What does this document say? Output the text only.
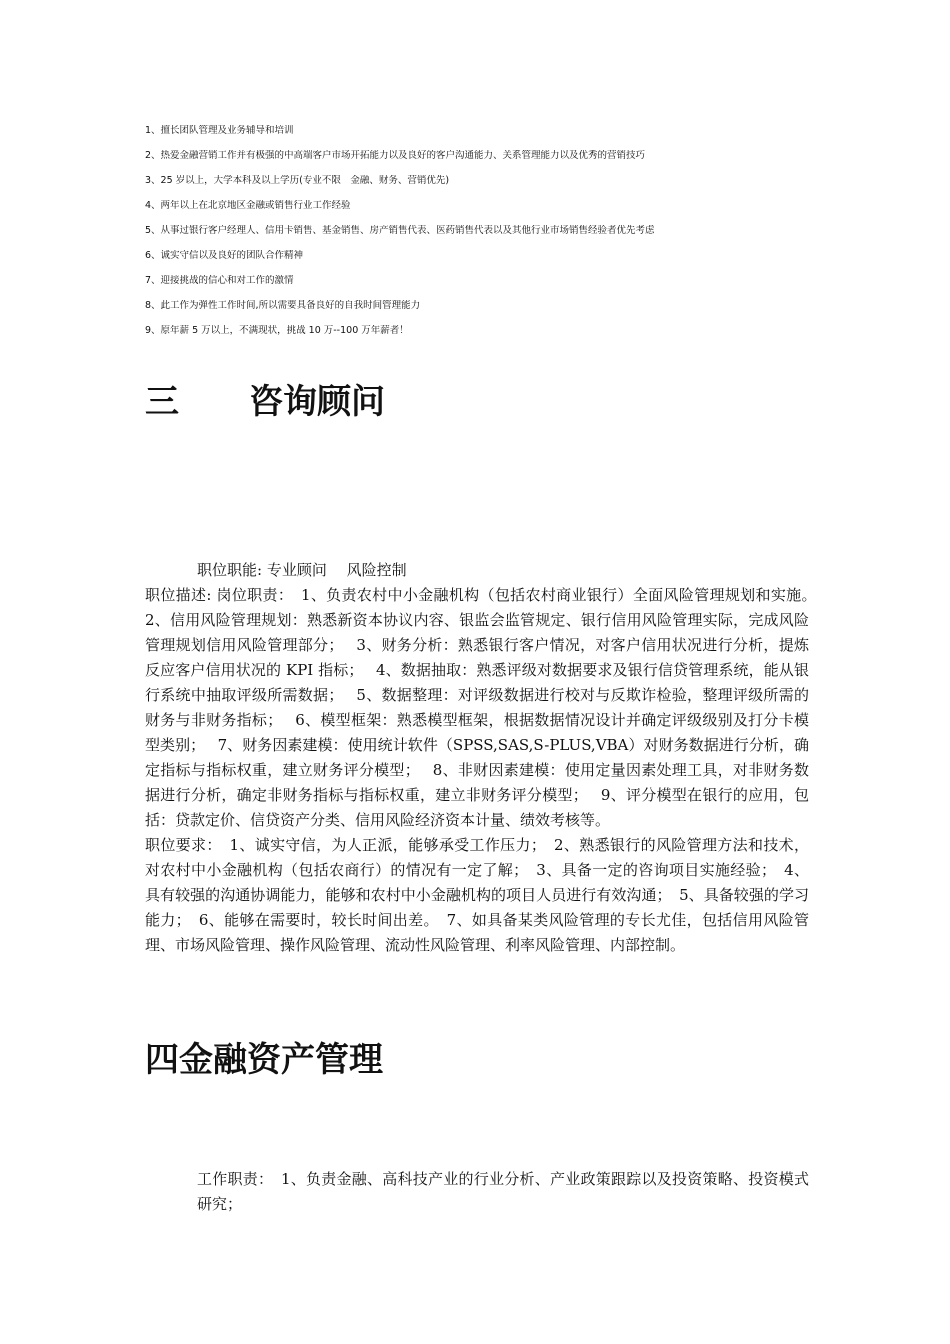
1、擅长团队管理及业务辅导和培训
2、热爱金融营销工作并有极强的中高端客户市场开拓能力以及良好的客户沟通能力、关系管理能力以及优秀的营销技巧
3、25 岁以上，大学本科及以上学历(专业不限　金融、财务、营销优先)
4、两年以上在北京地区金融或销售行业工作经验
5、从事过银行客户经理人、信用卡销售、基金销售、房产销售代表、医药销售代表以及其他行业市场销售经验者优先考虑
6、诚实守信以及良好的团队合作精神
7、迎接挑战的信心和对工作的激情
8、此工作为弹性工作时间,所以需要具备良好的自我时间管理能力
9、原年薪 5 万以上，不满现状，挑战 10 万--100 万年薪者！
三 咨询顾问

职位职能: 专业顾问　 风险控制

职位描述: 岗位职责：　1、负责农村中小金融机构（包括农村商业银行）全面风险管理规划和实施。　2、信用风险管理规划：熟悉新资本协议内容、银监会监管规定、银行信用风险管理实际，完成风险管理规划信用风险管理部分；　 3、财务分析：熟悉银行客户情况，对客户信用状况进行分析，提炼反应客户信用状况的 KPI 指标；　 4、数据抽取：熟悉评级对数据要求及银行信贷管理系统，能从银行系统中抽取评级所需数据；　 5、数据整理：对评级数据进行校对与反欺诈检验，整理评级所需的财务与非财务指标；　 6、模型框架：熟悉模型框架，根据数据情况设计并确定评级级别及打分卡模型类别；　 7、财务因素建模：使用统计软件（SPSS,SAS,S-PLUS,VBA）对财务数据进行分析，确定指标与指标权重，建立财务评分模型；　 8、非财因素建模：使用定量因素处理工具，对非财务数据进行分析，确定非财务指标与指标权重，建立非财务评分模型；　 9、评分模型在银行的应用，包括：贷款定价、信贷资产分类、信用风险经济资本计量、绩效考核等。

职位要求：　1、诚实守信，为人正派，能够承受工作压力；　2、熟悉银行的风险管理方法和技术，对农村中小金融机构（包括农商行）的情况有一定了解；　3、具备一定的咨询项目实施经验；　4、具有较强的沟通协调能力，能够和农村中小金融机构的项目人员进行有效沟通；　5、具备较强的学习能力；　6、能够在需要时，较长时间出差。　7、如具备某类风险管理的专长尤佳，包括信用风险管理、市场风险管理、操作风险管理、流动性风险管理、利率风险管理、内部控制。

四金融资产管理

工作职责：　1、负责金融、高科技产业的行业分析、产业政策跟踪以及投资策略、投资模式研究；
